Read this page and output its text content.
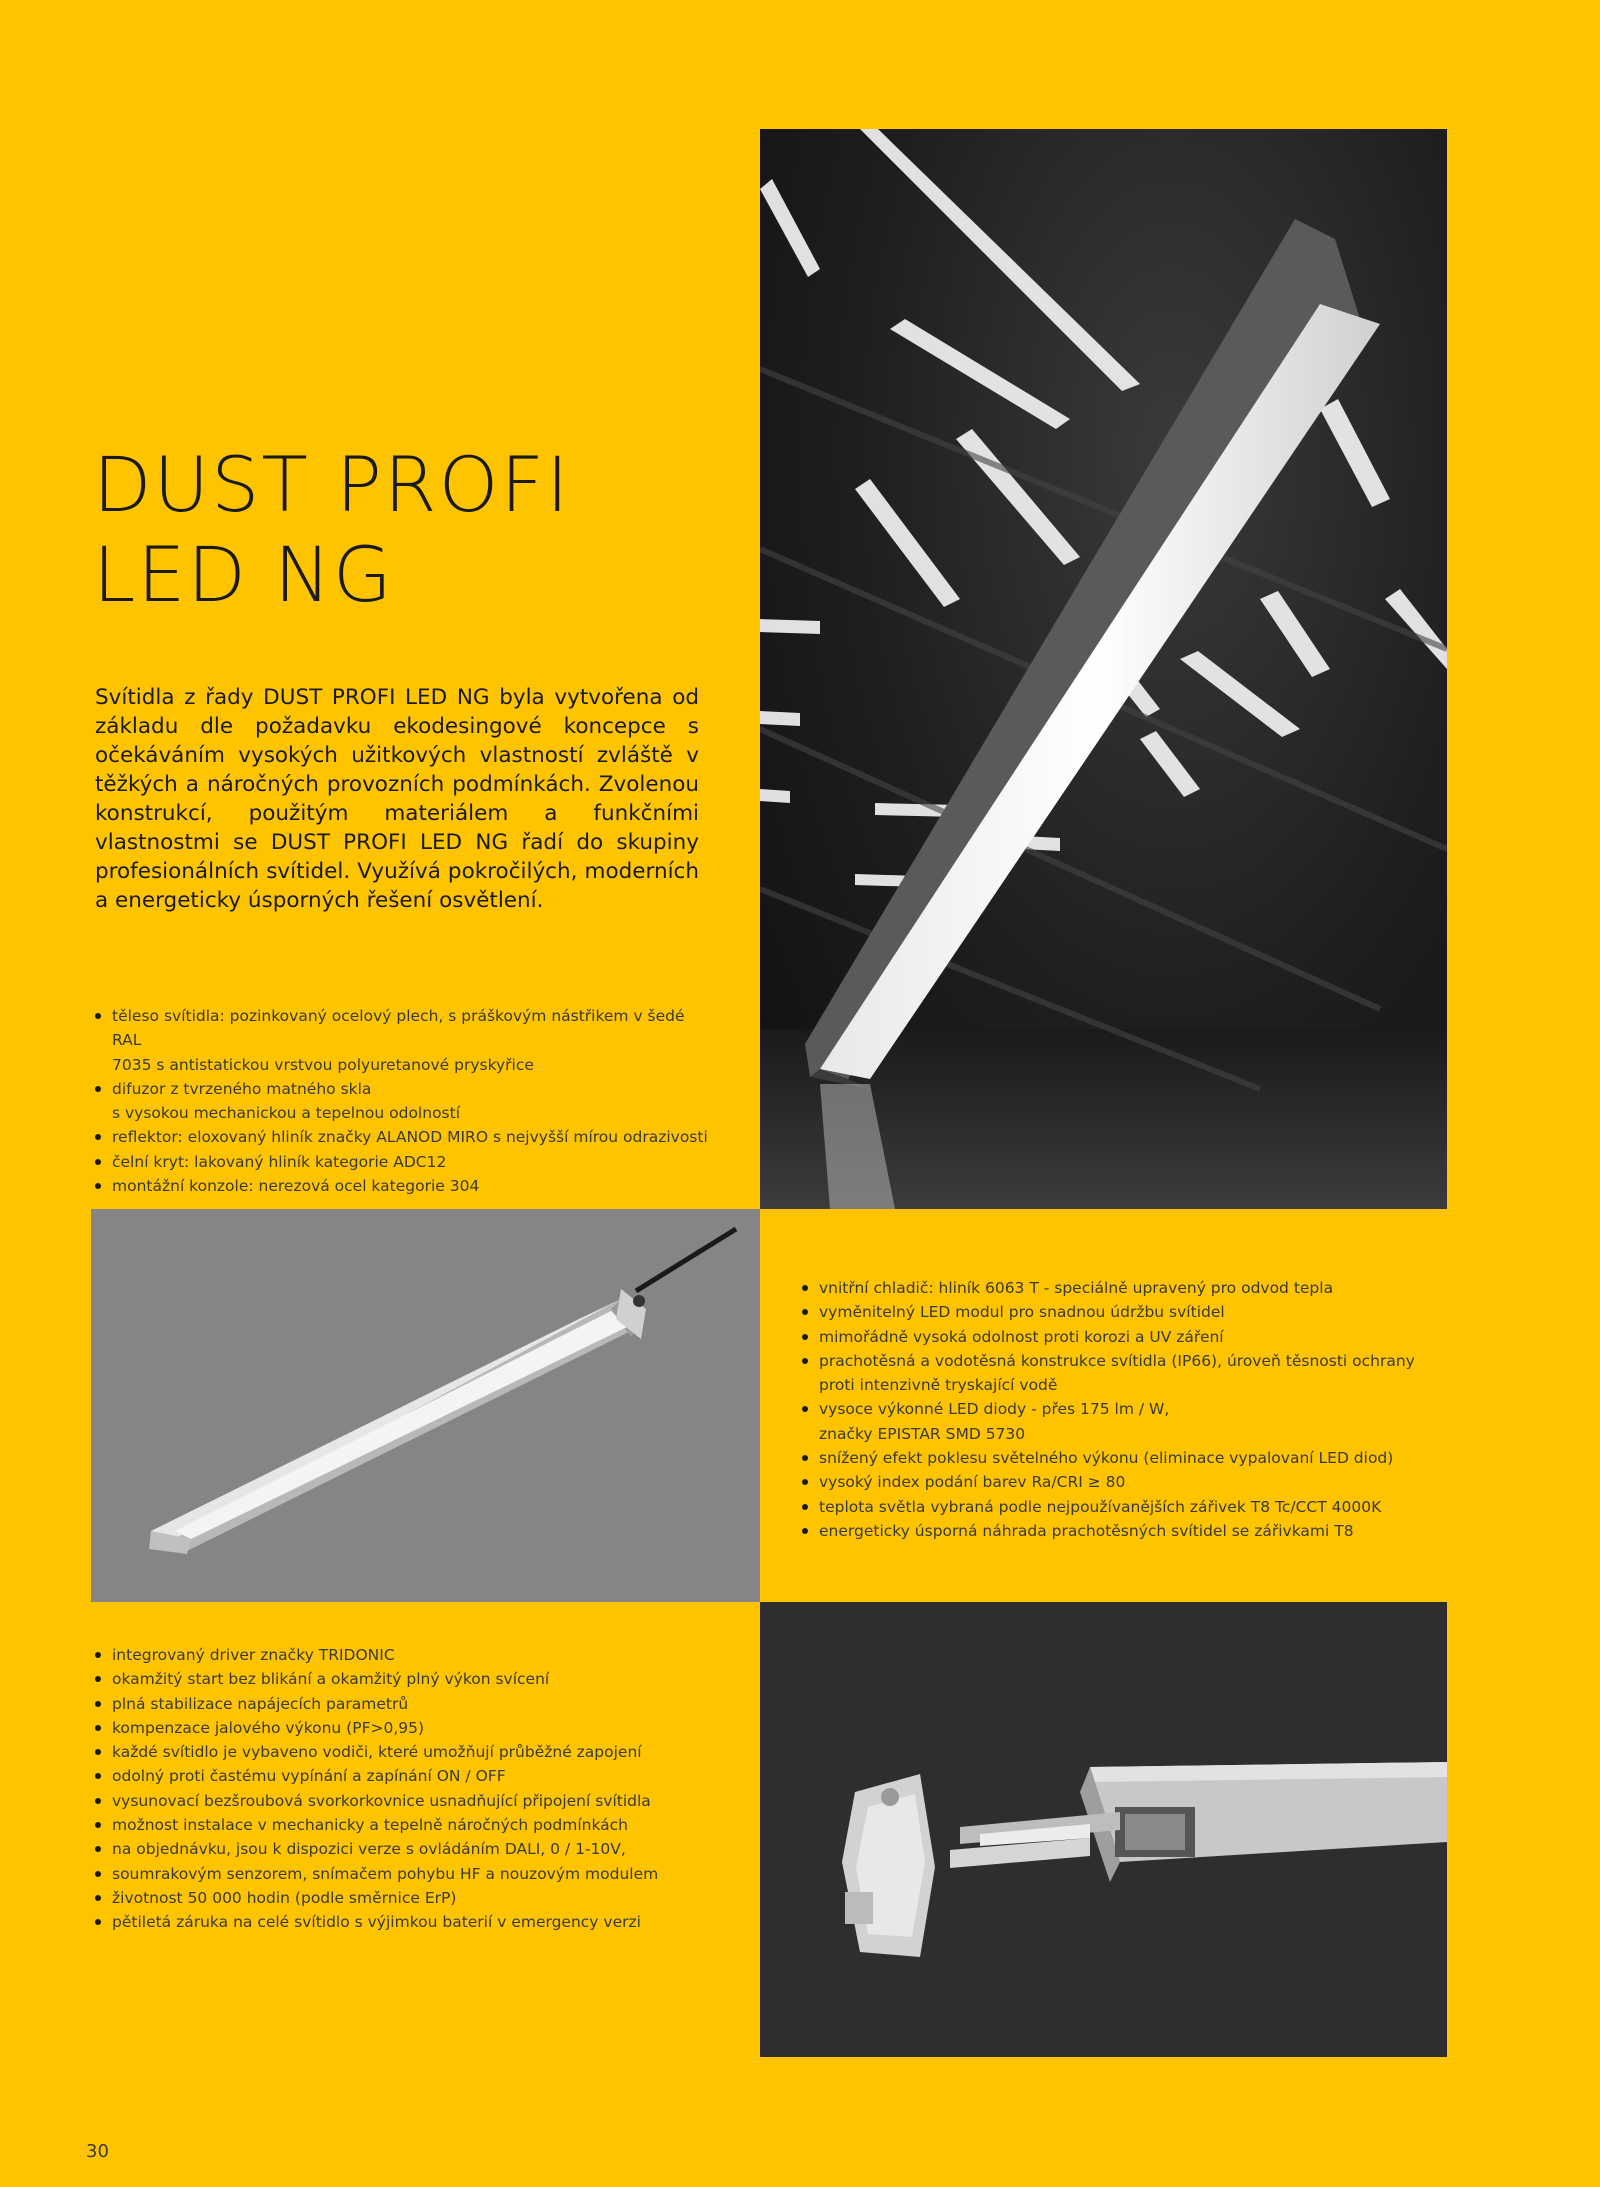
DUST PROFI
LED NG

Svítidla z řady DUST PROFI LED NG byla vytvořena od základu dle požadavku ekodesingové koncepce s očekáváním vysokých užitkových vlastností zvláště v těžkých a náročných provozních podmínkách. Zvolenou konstrukcí, použitým materiálem a funkčními vlastnostmi se DUST PROFI LED NG řadí do skupiny profesionálních svítidel. Využívá pokročilých, moderních a energeticky úsporných řešení osvětlení.

těleso svítidla: pozinkovaný ocelový plech, s práškovým nástřikem v šedé RAL
7035 s antistatickou vrstvou polyuretanové pryskyřice
difuzor z tvrzeného matného skla
s vysokou mechanickou a tepelnou odolností
reflektor: eloxovaný hliník značky ALANOD MIRO s nejvyšší mírou odrazivosti
čelní kryt: lakovaný hliník kategorie ADC12
montážní konzole: nerezová ocel kategorie 304
vnitřní chladič: hliník 6063 T - speciálně upravený pro odvod tepla
vyměnitelný LED modul pro snadnou údržbu svítidel
mimořádně vysoká odolnost proti korozi a UV záření
prachotěsná a vodotěsná konstrukce svítidla (IP66), úroveň těsnosti ochrany
proti intenzivně tryskající vodě
vysoce výkonné LED diody - přes 175 lm / W,
značky EPISTAR SMD 5730
snížený efekt poklesu světelného výkonu (eliminace vypalovaní LED diod)
vysoký index podání barev Ra/CRI ≥ 80
teplota světla vybraná podle nejpoužívanějších zářivek T8 Tc/CCT 4000K
energeticky úsporná náhrada prachotěsných svítidel se zářivkami T8
integrovaný driver značky TRIDONIC
okamžitý start bez blikání a okamžitý plný výkon svícení
plná stabilizace napájecích parametrů
kompenzace jalového výkonu (PF>0,95)
každé svítidlo je vybaveno vodiči, které umožňují průběžné zapojení
odolný proti častému vypínání a zapínání ON / OFF
vysunovací bezšroubová svorkorkovnice usnadňující připojení svítidla
možnost instalace v mechanicky a tepelně náročných podmínkách
na objednávku, jsou k dispozici verze s ovládáním DALI, 0 / 1-10V,
soumrakovým senzorem, snímačem pohybu HF a nouzovým modulem
životnost 50 000 hodin (podle směrnice ErP)
pětiletá záruka na celé svítidlo s výjimkou baterií v emergency verzi
30
